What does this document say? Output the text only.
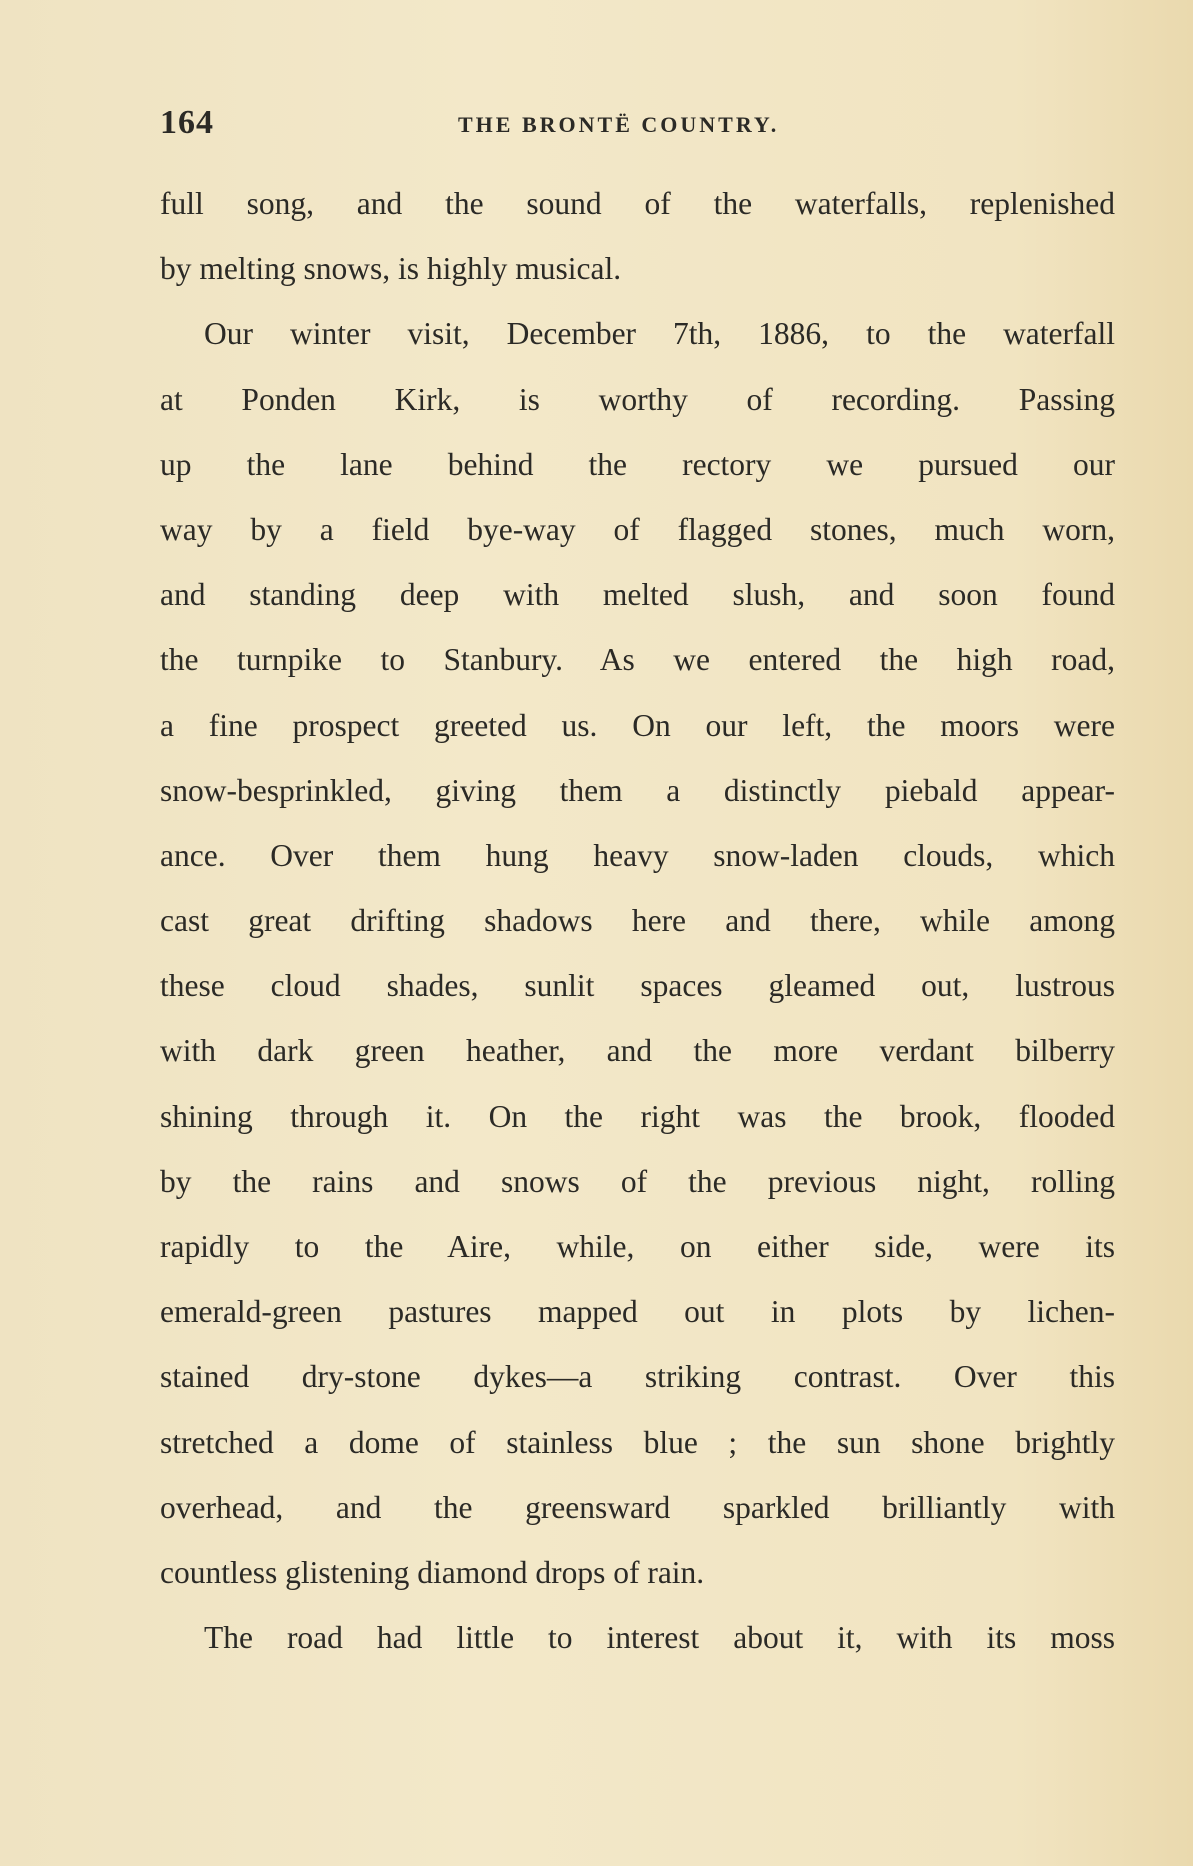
164	THE BRONTË COUNTRY.
full song, and the sound of the waterfalls, replenished
by melting snows, is highly musical.
Our winter visit, December 7th, 1886, to the waterfall
at Ponden Kirk, is worthy of recording. Passing
up the lane behind the rectory we pursued our
way by a field bye-way of flagged stones, much worn,
and standing deep with melted slush, and soon found
the turnpike to Stanbury. As we entered the high road,
a fine prospect greeted us. On our left, the moors were
snow-besprinkled, giving them a distinctly piebald appear-
ance. Over them hung heavy snow-laden clouds, which
cast great drifting shadows here and there, while among
these cloud shades, sunlit spaces gleamed out, lustrous
with dark green heather, and the more verdant bilberry
shining through it. On the right was the brook, flooded
by the rains and snows of the previous night, rolling
rapidly to the Aire, while, on either side, were its
emerald-green pastures mapped out in plots by lichen-
stained dry-stone dykes—a striking contrast. Over this
stretched a dome of stainless blue ; the sun shone brightly
overhead, and the greensward sparkled brilliantly with
countless glistening diamond drops of rain.
The road had little to interest about it, with its moss
